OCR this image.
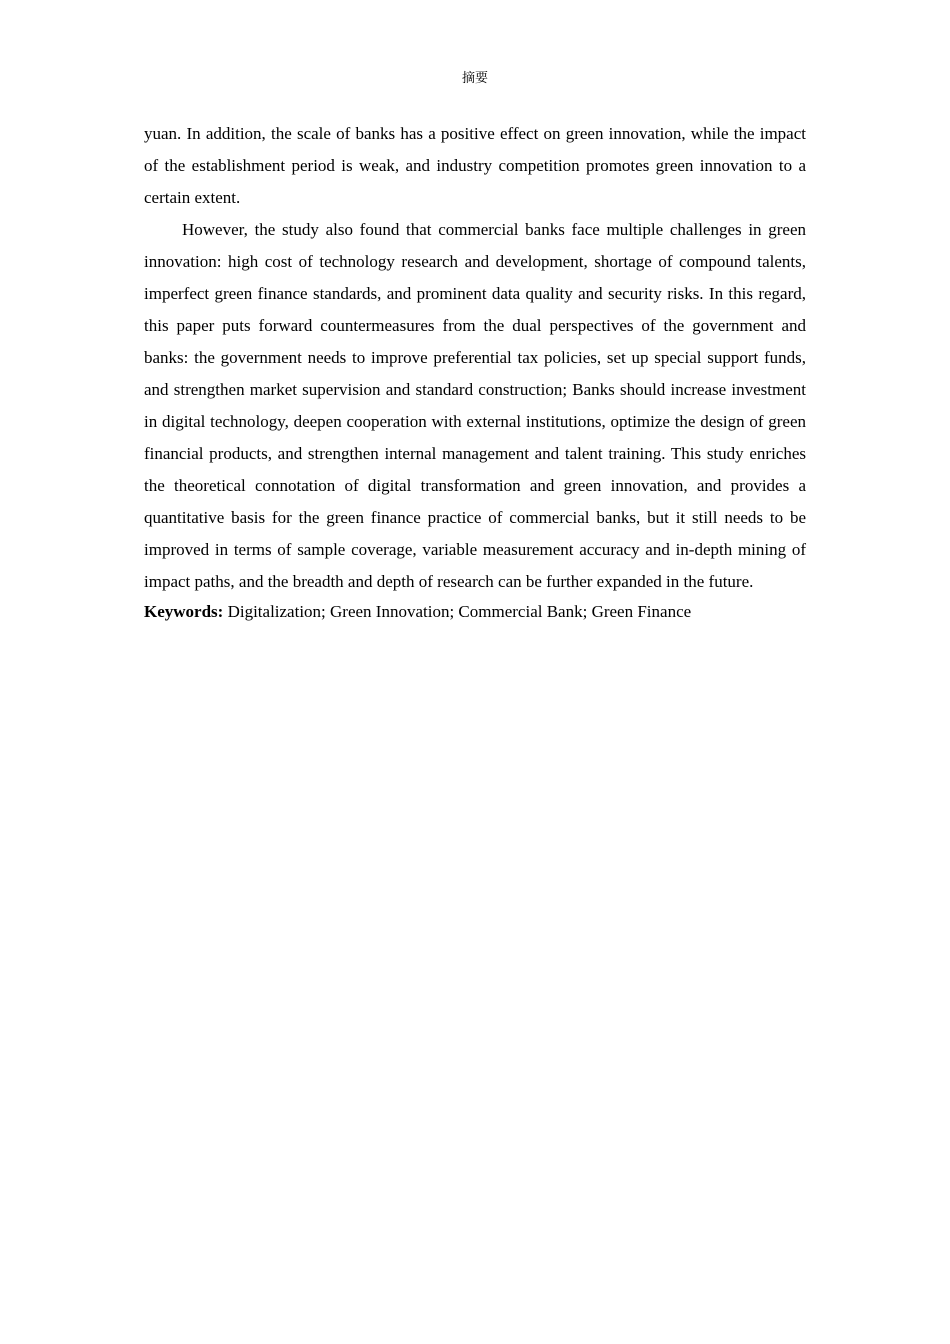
摘要

yuan. In addition, the scale of banks has a positive effect on green innovation, while the impact of the establishment period is weak, and industry competition promotes green innovation to a certain extent.

However, the study also found that commercial banks face multiple challenges in green innovation: high cost of technology research and development, shortage of compound talents, imperfect green finance standards, and prominent data quality and security risks. In this regard, this paper puts forward countermeasures from the dual perspectives of the government and banks: the government needs to improve preferential tax policies, set up special support funds, and strengthen market supervision and standard construction; Banks should increase investment in digital technology, deepen cooperation with external institutions, optimize the design of green financial products, and strengthen internal management and talent training. This study enriches the theoretical connotation of digital transformation and green innovation, and provides a quantitative basis for the green finance practice of commercial banks, but it still needs to be improved in terms of sample coverage, variable measurement accuracy and in-depth mining of impact paths, and the breadth and depth of research can be further expanded in the future.

Keywords: Digitalization; Green Innovation; Commercial Bank; Green Finance
